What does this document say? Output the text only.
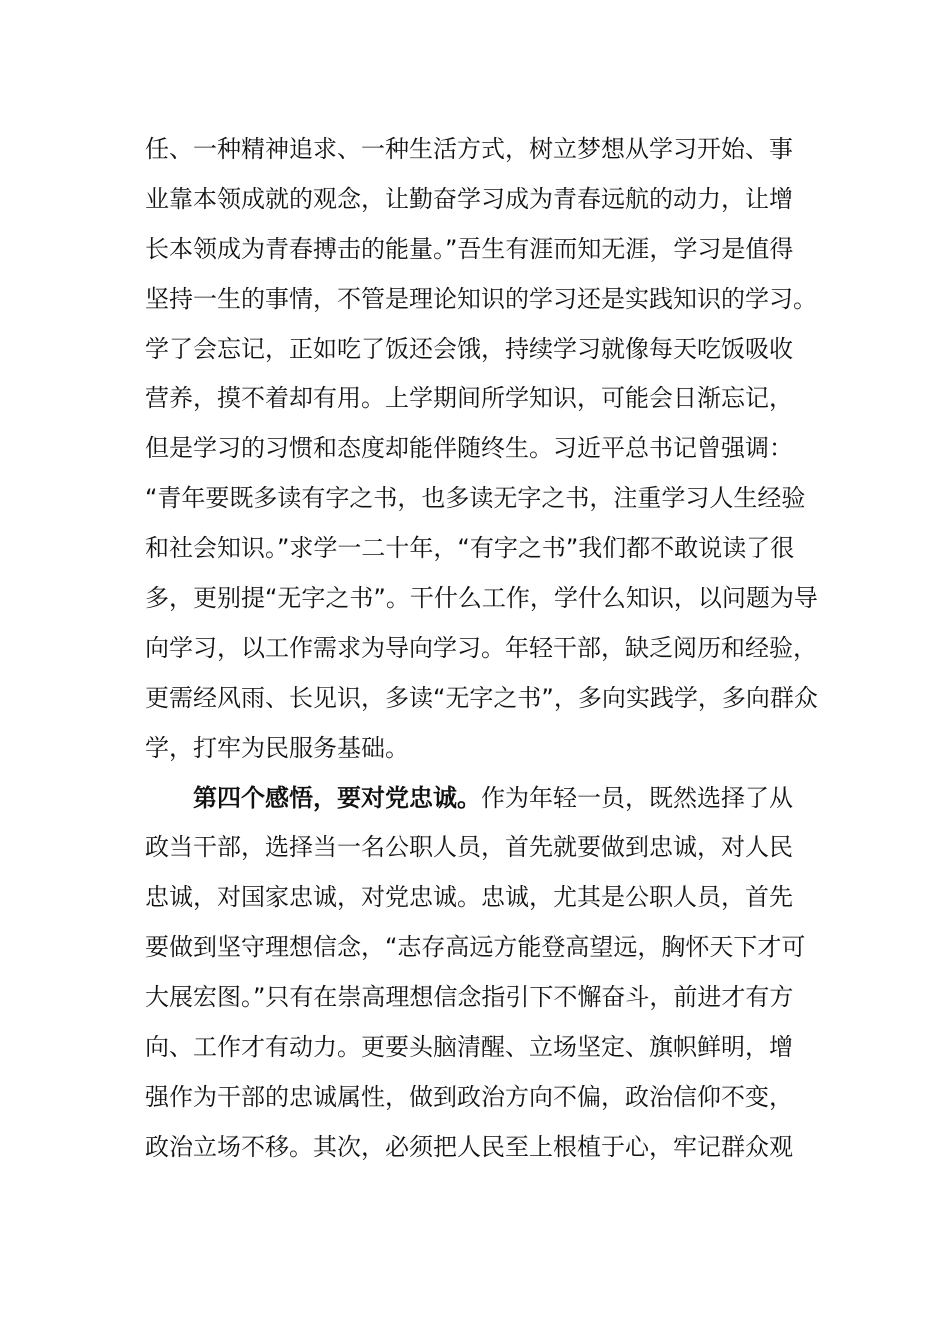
任、一种精神追求、一种生活方式，树立梦想从学习开始、事
业靠本领成就的观念，让勤奋学习成为青春远航的动力，让增
长本领成为青春搏击的能量。”吾生有涯而知无涯，学习是值得
坚持一生的事情，不管是理论知识的学习还是实践知识的学习。
学了会忘记，正如吃了饭还会饿，持续学习就像每天吃饭吸收
营养，摸不着却有用。上学期间所学知识，可能会日渐忘记，
但是学习的习惯和态度却能伴随终生。习近平总书记曾强调：
“青年要既多读有字之书，也多读无字之书，注重学习人生经验
和社会知识。”求学一二十年，“有字之书”我们都不敢说读了很
多，更别提“无字之书”。干什么工作，学什么知识，以问题为导
向学习，以工作需求为导向学习。年轻干部，缺乏阅历和经验，
更需经风雨、长见识，多读“无字之书”，多向实践学，多向群众
学，打牢为民服务基础。
第四个感悟，要对党忠诚。作为年轻一员，既然选择了从
政当干部，选择当一名公职人员，首先就要做到忠诚，对人民
忠诚，对国家忠诚，对党忠诚。忠诚，尤其是公职人员，首先
要做到坚守理想信念，“志存高远方能登高望远，胸怀天下才可
大展宏图。”只有在崇高理想信念指引下不懈奋斗，前进才有方
向、工作才有动力。更要头脑清醒、立场坚定、旗帜鲜明，增
强作为干部的忠诚属性，做到政治方向不偏，政治信仰不变，
政治立场不移。其次，必须把人民至上根植于心，牢记群众观
